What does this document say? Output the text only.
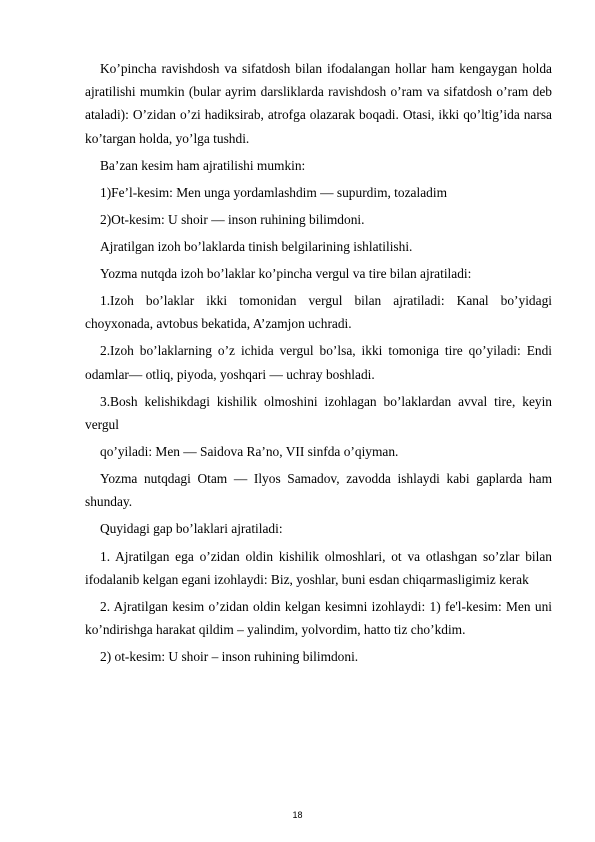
Ko’pincha ravishdosh va sifatdosh bilan ifodalangan hollar ham kengaygan holda ajratilishi mumkin (bular ayrim darsliklarda ravishdosh o’ram va sifatdosh o’ram deb ataladi): O’zidan o’zi hadiksirab, atrofga olazarak boqadi. Otasi, ikki qo’ltig’ida narsa ko’targan holda, yo’lga tushdi.

Ba’zan kesim ham ajratilishi mumkin:

1)Fe’l-kesim: Men unga yordamlashdim — supurdim, tozaladim

2)Ot-kesim: U shoir — inson ruhining bilimdoni.

Ajratilgan izoh bo’laklarda tinish belgilarining ishlatilishi.

Yozma nutqda izoh bo’laklar ko’pincha vergul va tire bilan ajratiladi:

1.Izoh bo’laklar ikki tomonidan vergul bilan ajratiladi: Kanal bo’yidagi choyxonada, avtobus bekatida, A’zamjon uchradi.

2.Izoh bo’laklarning o’z ichida vergul bo’lsa, ikki tomoniga tire qo’yiladi: Endi odamlar— otliq, piyoda, yoshqari — uchray boshladi.

3.Bosh kelishikdagi kishilik olmoshini izohlagan bo’laklardan avval tire, keyin vergul

qo’yiladi: Men — Saidova Ra’no, VII sinfda o’qiyman.

Yozma nutqdagi Otam — Ilyos Samadov, zavodda ishlaydi kabi gaplarda ham shunday.

Quyidagi gap bo’laklari ajratiladi:

1. Ajratilgan ega o’zidan oldin kishilik olmoshlari, ot va otlashgan so’zlar bilan ifodalanib kelgan egani izohlaydi: Biz, yoshlar, buni esdan chiqarmasligimiz kerak

2. Ajratilgan kesim o’zidan oldin kelgan kesimni izohlaydi: 1) fe'l-kesim: Men uni ko’ndirishga harakat qildim – yalindim, yolvordim, hatto tiz cho’kdim.

2) ot-kesim: U shoir – inson ruhining bilimdoni.

18
